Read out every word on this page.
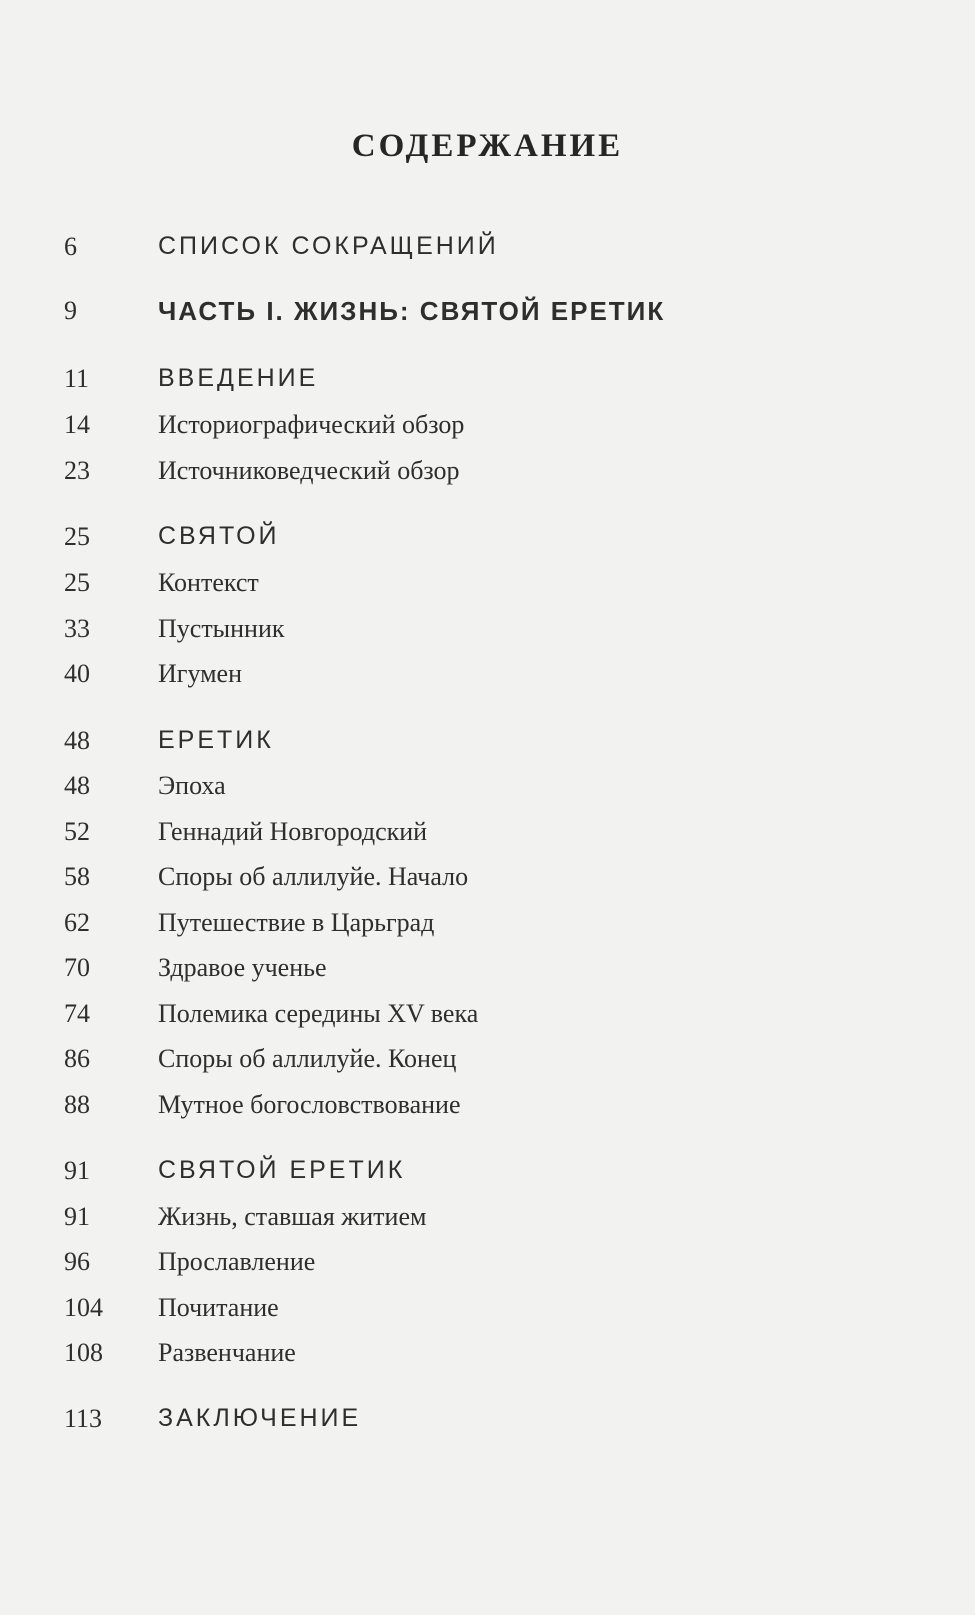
СОДЕРЖАНИЕ
6	СПИСОК СОКРАЩЕНИЙ
9	ЧАСТЬ I. ЖИЗНЬ: СВЯТОЙ ЕРЕТИК
11	ВВЕДЕНИЕ
14	Историографический обзор
23	Источниковедческий обзор
25	СВЯТОЙ
25	Контекст
33	Пустынник
40	Игумен
48	ЕРЕТИК
48	Эпоха
52	Геннадий Новгородский
58	Споры об аллилуйе. Начало
62	Путешествие в Царьград
70	Здравое ученье
74	Полемика середины XV века
86	Споры об аллилуйе. Конец
88	Мутное богословствование
91	СВЯТОЙ ЕРЕТИК
91	Жизнь, ставшая житием
96	Прославление
104 Почитание
108 Развенчание
113 ЗАКЛЮЧЕНИЕ
